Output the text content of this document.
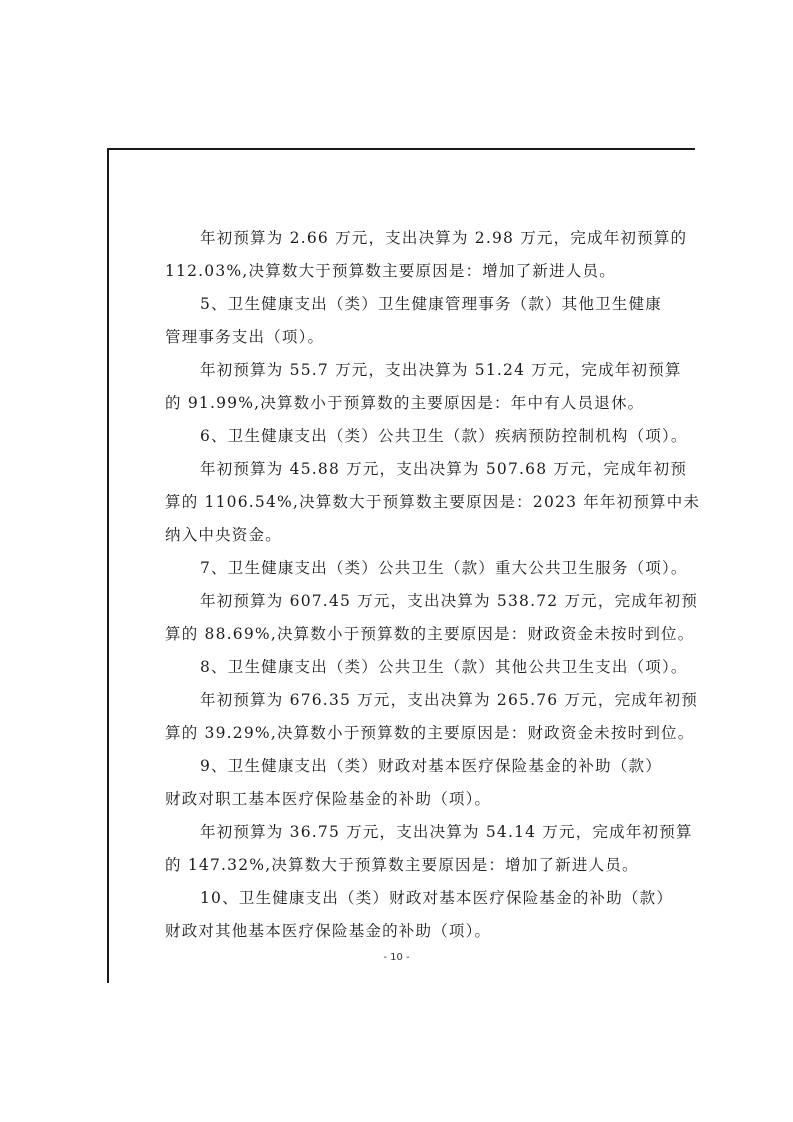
年初预算为 2.66 万元，支出决算为 2.98 万元，完成年初预算的
112.03%,决算数大于预算数主要原因是：增加了新进人员。
5、卫生健康支出（类）卫生健康管理事务（款）其他卫生健康
管理事务支出（项）。
年初预算为 55.7 万元，支出决算为 51.24 万元，完成年初预算
的 91.99%,决算数小于预算数的主要原因是：年中有人员退休。
6、卫生健康支出（类）公共卫生（款）疾病预防控制机构（项）。
年初预算为 45.88 万元，支出决算为 507.68 万元，完成年初预
算的 1106.54%,决算数大于预算数主要原因是：2023 年年初预算中未
纳入中央资金。
7、卫生健康支出（类）公共卫生（款）重大公共卫生服务（项）。
年初预算为 607.45 万元，支出决算为 538.72 万元，完成年初预
算的 88.69%,决算数小于预算数的主要原因是：财政资金未按时到位。
8、卫生健康支出（类）公共卫生（款）其他公共卫生支出（项）。
年初预算为 676.35 万元，支出决算为 265.76 万元，完成年初预
算的 39.29%,决算数小于预算数的主要原因是：财政资金未按时到位。
9、卫生健康支出（类）财政对基本医疗保险基金的补助（款）
财政对职工基本医疗保险基金的补助（项）。
年初预算为 36.75 万元，支出决算为 54.14 万元，完成年初预算
的 147.32%,决算数大于预算数主要原因是：增加了新进人员。
10、卫生健康支出（类）财政对基本医疗保险基金的补助（款）
财政对其他基本医疗保险基金的补助（项）。
- 10 -
